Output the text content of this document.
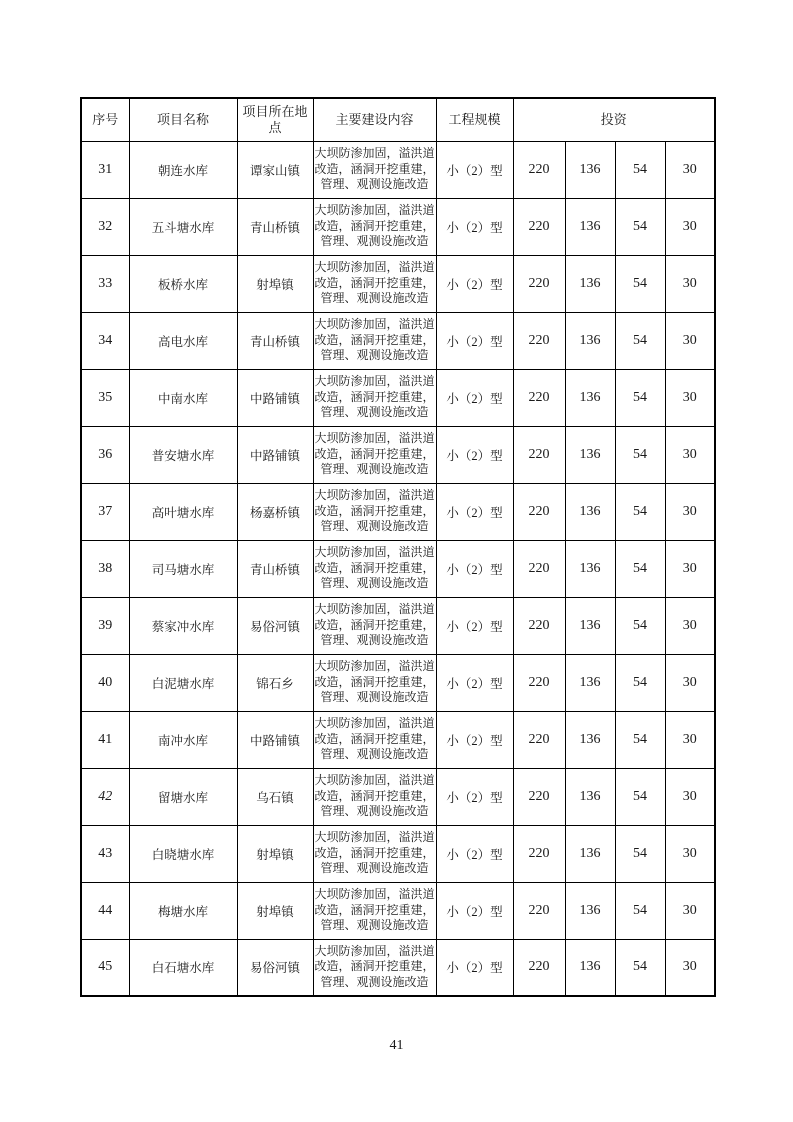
序号	项目名称	项目所在地点	主要建设内容	工程规模	投资			
31	朝连水库	谭家山镇	大坝防渗加固，溢洪道改造，涵洞开挖重建，管理、观测设施改造	小（2）型	220	136	54	30
32	五斗塘水库	青山桥镇	大坝防渗加固，溢洪道改造，涵洞开挖重建，管理、观测设施改造	小（2）型	220	136	54	30
33	板桥水库	射埠镇	大坝防渗加固，溢洪道改造，涵洞开挖重建，管理、观测设施改造	小（2）型	220	136	54	30
34	高电水库	青山桥镇	大坝防渗加固，溢洪道改造，涵洞开挖重建，管理、观测设施改造	小（2）型	220	136	54	30
35	中南水库	中路铺镇	大坝防渗加固，溢洪道改造，涵洞开挖重建，管理、观测设施改造	小（2）型	220	136	54	30
36	普安塘水库	中路铺镇	大坝防渗加固，溢洪道改造，涵洞开挖重建，管理、观测设施改造	小（2）型	220	136	54	30
37	高叶塘水库	杨嘉桥镇	大坝防渗加固，溢洪道改造，涵洞开挖重建，管理、观测设施改造	小（2）型	220	136	54	30
38	司马塘水库	青山桥镇	大坝防渗加固，溢洪道改造，涵洞开挖重建，管理、观测设施改造	小（2）型	220	136	54	30
39	蔡家冲水库	易俗河镇	大坝防渗加固，溢洪道改造，涵洞开挖重建，管理、观测设施改造	小（2）型	220	136	54	30
40	白泥塘水库	锦石乡	大坝防渗加固，溢洪道改造，涵洞开挖重建，管理、观测设施改造	小（2）型	220	136	54	30
41	南冲水库	中路铺镇	大坝防渗加固，溢洪道改造，涵洞开挖重建，管理、观测设施改造	小（2）型	220	136	54	30
42	留塘水库	乌石镇	大坝防渗加固，溢洪道改造，涵洞开挖重建，管理、观测设施改造	小（2）型	220	136	54	30
43	白晓塘水库	射埠镇	大坝防渗加固，溢洪道改造，涵洞开挖重建，管理、观测设施改造	小（2）型	220	136	54	30
44	梅塘水库	射埠镇	大坝防渗加固，溢洪道改造，涵洞开挖重建，管理、观测设施改造	小（2）型	220	136	54	30
45	白石塘水库	易俗河镇	大坝防渗加固，溢洪道改造，涵洞开挖重建，管理、观测设施改造	小（2）型	220	136	54	30
41
